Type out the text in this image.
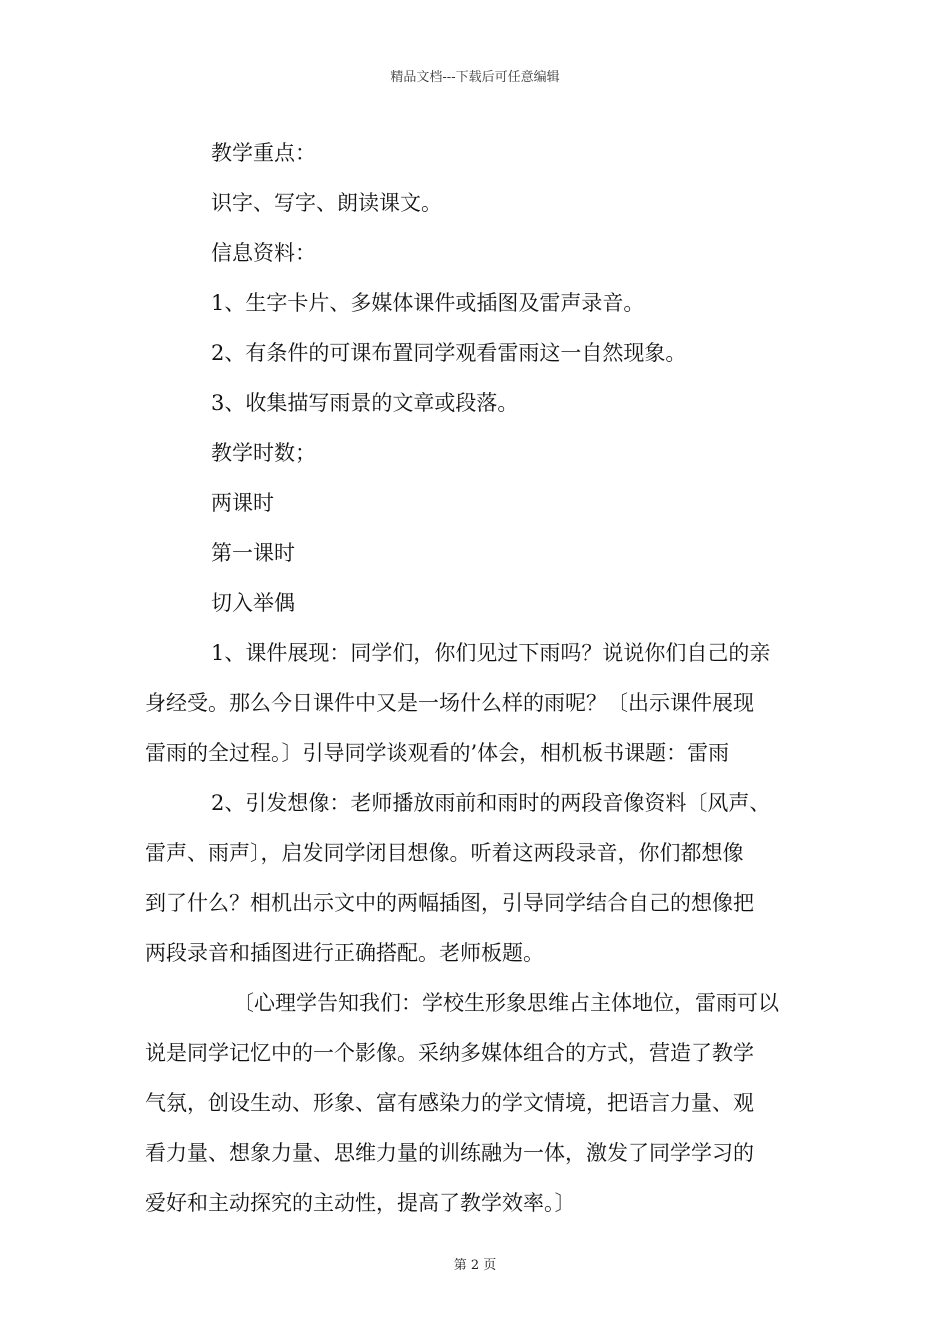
精品文档---下载后可任意编辑

教学重点：

识字、写字、朗读课文。

信息资料：

1、生字卡片、多媒体课件或插图及雷声录音。

2、有条件的可课布置同学观看雷雨这一自然现象。

3、收集描写雨景的文章或段落。

教学时数；

两课时

第一课时

切入举偶

1、课件展现：同学们，你们见过下雨吗？说说你们自己的亲

身经受。那么今日课件中又是一场什么样的雨呢？〔出示课件展现

雷雨的全过程。〕引导同学谈观看的’体会，相机板书课题：雷雨

2、引发想像：老师播放雨前和雨时的两段音像资料〔风声、

雷声、雨声〕，启发同学闭目想像。听着这两段录音，你们都想像

到了什么？相机出示文中的两幅插图，引导同学结合自己的想像把

两段录音和插图进行正确搭配。老师板题。

〔心理学告知我们：学校生形象思维占主体地位，雷雨可以

说是同学记忆中的一个影像。采纳多媒体组合的方式，营造了教学

气氛，创设生动、形象、富有感染力的学文情境，把语言力量、观

看力量、想象力量、思维力量的训练融为一体，激发了同学学习的

爱好和主动探究的主动性，提高了教学效率。〕

第 2 页
